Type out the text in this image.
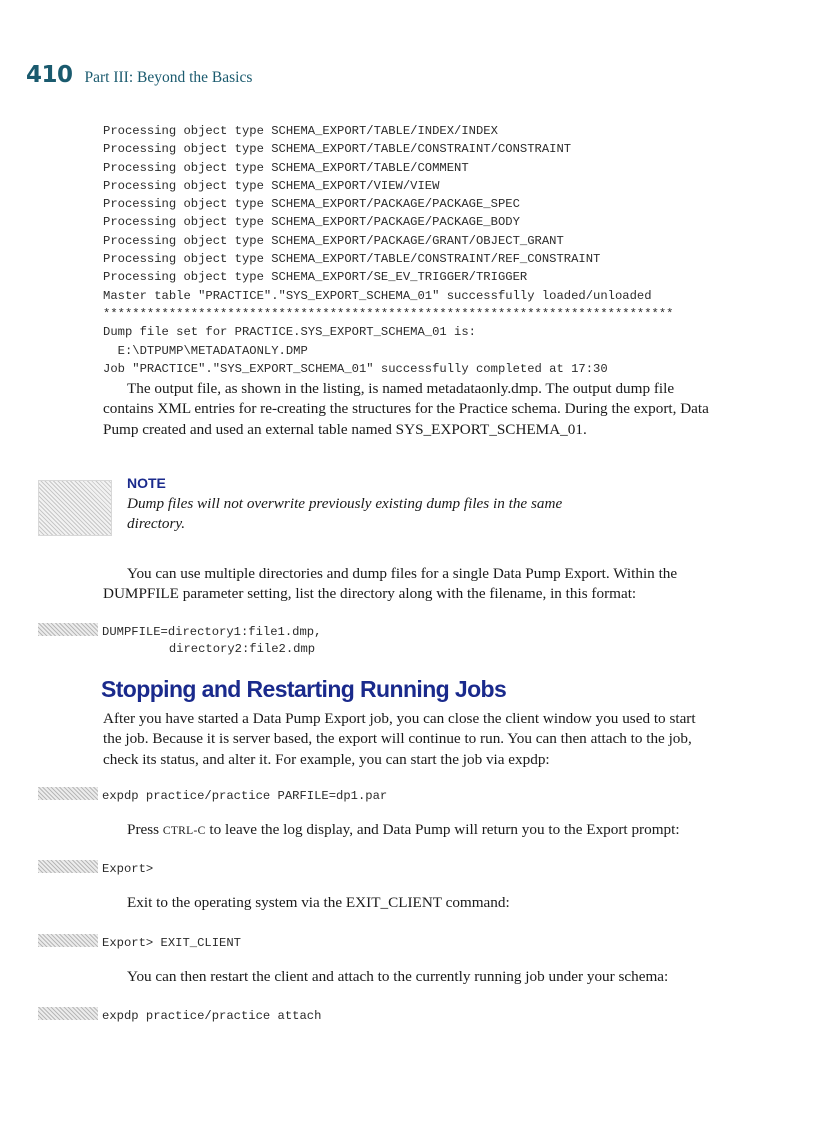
410 Part III: Beyond the Basics
Processing object type SCHEMA_EXPORT/TABLE/INDEX/INDEX
Processing object type SCHEMA_EXPORT/TABLE/CONSTRAINT/CONSTRAINT
Processing object type SCHEMA_EXPORT/TABLE/COMMENT
Processing object type SCHEMA_EXPORT/VIEW/VIEW
Processing object type SCHEMA_EXPORT/PACKAGE/PACKAGE_SPEC
Processing object type SCHEMA_EXPORT/PACKAGE/PACKAGE_BODY
Processing object type SCHEMA_EXPORT/PACKAGE/GRANT/OBJECT_GRANT
Processing object type SCHEMA_EXPORT/TABLE/CONSTRAINT/REF_CONSTRAINT
Processing object type SCHEMA_EXPORT/SE_EV_TRIGGER/TRIGGER
Master table "PRACTICE"."SYS_EXPORT_SCHEMA_01" successfully loaded/unloaded
******************************************************************************
Dump file set for PRACTICE.SYS_EXPORT_SCHEMA_01 is:
E:\DTPUMP\METADATAONLY.DMP
Job "PRACTICE"."SYS_EXPORT_SCHEMA_01" successfully completed at 17:30
The output file, as shown in the listing, is named metadataonly.dmp. The output dump file contains XML entries for re-creating the structures for the Practice schema. During the export, Data Pump created and used an external table named SYS_EXPORT_SCHEMA_01.
NOTE
Dump files will not overwrite previously existing dump files in the same directory.
You can use multiple directories and dump files for a single Data Pump Export. Within the DUMPFILE parameter setting, list the directory along with the filename, in this format:
DUMPFILE=directory1:file1.dmp,
directory2:file2.dmp
Stopping and Restarting Running Jobs
After you have started a Data Pump Export job, you can close the client window you used to start the job. Because it is server based, the export will continue to run. You can then attach to the job, check its status, and alter it. For example, you can start the job via expdp:
expdp practice/practice PARFILE=dp1.par
Press CTRL-C to leave the log display, and Data Pump will return you to the Export prompt:
Export>
Exit to the operating system via the EXIT_CLIENT command:
Export> EXIT_CLIENT
You can then restart the client and attach to the currently running job under your schema:
expdp practice/practice attach
